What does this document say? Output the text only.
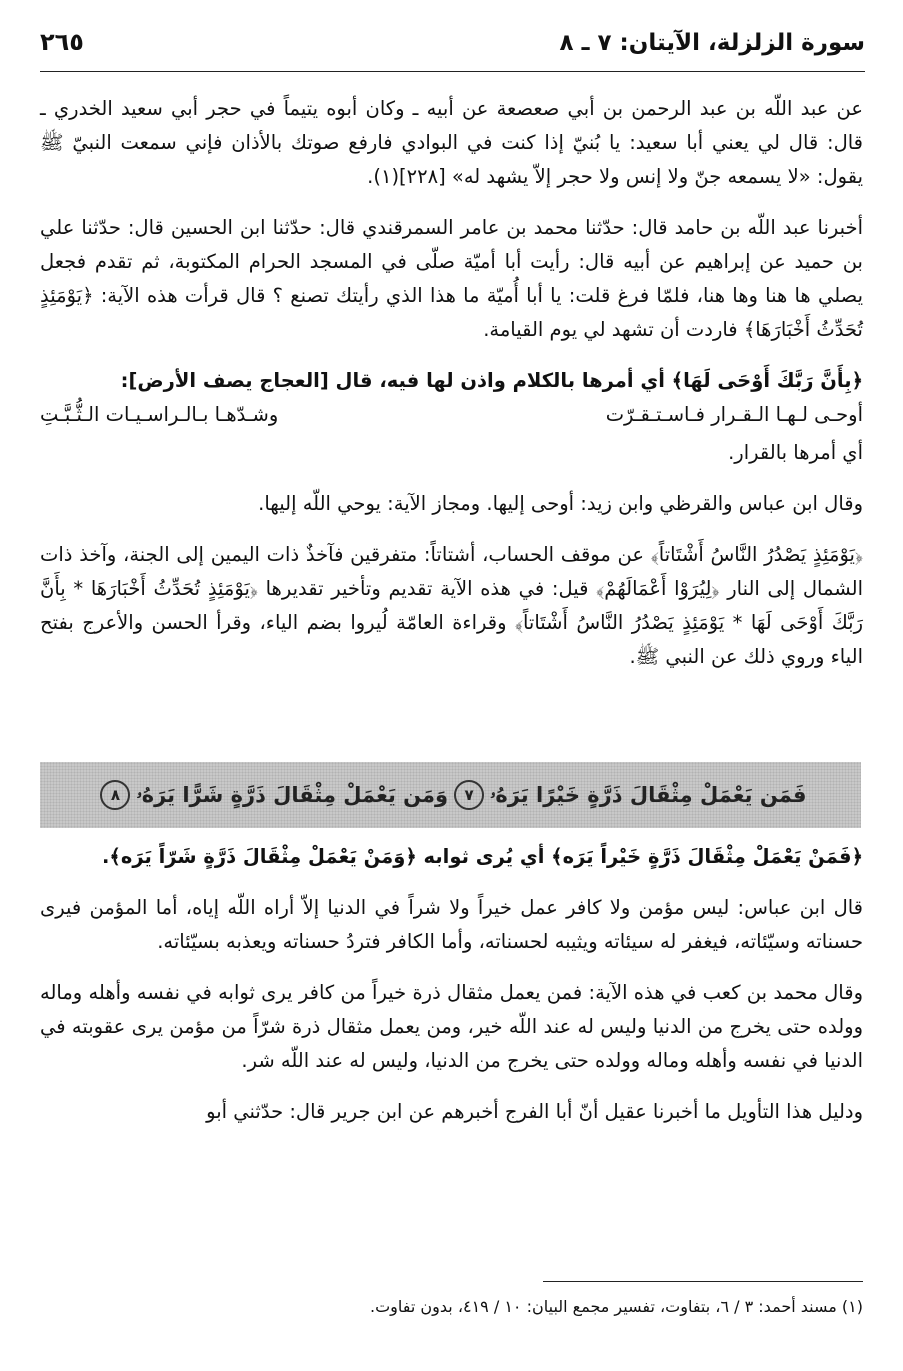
سورة الزلزلة، الآيتان: ٧ ـ ٨
٢٦٥

عن عبد اللّه بن عبد الرحمن بن أبي صعصعة عن أبيه ـ وكان أبوه يتيماً في حجر أبي سعيد الخدري ـ قال: قال لي يعني أبا سعيد: يا بُنيّ إذا كنت في البوادي فارفع صوتك بالأذان فإني سمعت النبيّ ﷺ يقول: «لا يسمعه جنّ ولا إنس ولا حجر إلاّ يشهد له» [٢٢٨](١).

أخبرنا عبد اللّه بن حامد قال: حدّثنا محمد بن عامر السمرقندي قال: حدّثنا ابن الحسين قال: حدّثنا علي بن حميد عن إبراهيم عن أبيه قال: رأيت أبا أميّة صلّى في المسجد الحرام المكتوبة، ثم تقدم فجعل يصلي ها هنا وها هنا، فلمّا فرغ قلت: يا أبا أُميّة ما هذا الذي رأيتك تصنع ؟ قال قرأت هذه الآية: ﴿يَوْمَئِذٍ تُحَدِّثُ أَخْبَارَهَا﴾ فاردت أن تشهد لي يوم القيامة.

﴿بِأَنَّ رَبَّكَ أَوْحَى لَهَا﴾ أي أمرها بالكلام واذن لها فيه، قال [العجاج يصف الأرض]:

أوحـى لـهـا الـقـرار فـاسـتـقـرّت
وشـدّهـا بـالـراسـيـات الـثُّـبَّـتِ

أي أمرها بالقرار.

وقال ابن عباس والقرظي وابن زيد: أوحى إليها. ومجاز الآية: يوحي اللّه إليها.

﴿يَوْمَئِذٍ يَصْدُرُ النَّاسُ أَشْتَاتاً﴾ عن موقف الحساب، أشتاتاً: متفرقين فآخذٌ ذات اليمين إلى الجنة، وآخذ ذات الشمال إلى النار ﴿لِيُرَوْا أَعْمَالَهُمْ﴾ قيل: في هذه الآية تقديم وتأخير تقديرها ﴿يَوْمَئِذٍ تُحَدِّثُ أَخْبَارَهَا * بِأَنَّ رَبَّكَ أَوْحَى لَهَا * يَوْمَئِذٍ يَصْدُرُ النَّاسُ أَشْتَاتاً﴾ وقراءة العامّة لُيروا بضم الياء، وقرأ الحسن والأعرج بفتح الياء وروي ذلك عن النبي ﷺ.

فَمَن يَعْمَلْ مِثْقَالَ ذَرَّةٍ خَيْرًا يَرَهُۥ
٧
وَمَن يَعْمَلْ مِثْقَالَ ذَرَّةٍ شَرًّا يَرَهُۥ
٨

﴿فَمَنْ يَعْمَلْ مِثْقَالَ ذَرَّةٍ خَيْراً يَرَه﴾ أي يُرى ثوابه ﴿وَمَنْ يَعْمَلْ مِثْقَالَ ذَرَّةٍ شَرّاً يَرَه﴾.

قال ابن عباس: ليس مؤمن ولا كافر عمل خيراً ولا شراً في الدنيا إلاّ أراه اللّه إياه، أما المؤمن فيرى حسناته وسيّئاته، فيغفر له سيئاته ويثيبه لحسناته، وأما الكافر فتردُ حسناته ويعذبه بسيّئاته.

وقال محمد بن كعب في هذه الآية: فمن يعمل مثقال ذرة خيراً من كافر يرى ثوابه في نفسه وأهله وماله وولده حتى يخرج من الدنيا وليس له عند اللّه خير، ومن يعمل مثقال ذرة شرّاً من مؤمن يرى عقوبته في الدنيا في نفسه وأهله وماله وولده حتى يخرج من الدنيا، وليس له عند اللّه شر.

ودليل هذا التأويل ما أخبرنا عقيل أنّ أبا الفرج أخبرهم عن ابن جرير قال: حدّثني أبو

(١) مسند أحمد: ٣ / ٦، بتفاوت، تفسير مجمع البيان: ١٠ / ٤١٩، بدون تفاوت.
